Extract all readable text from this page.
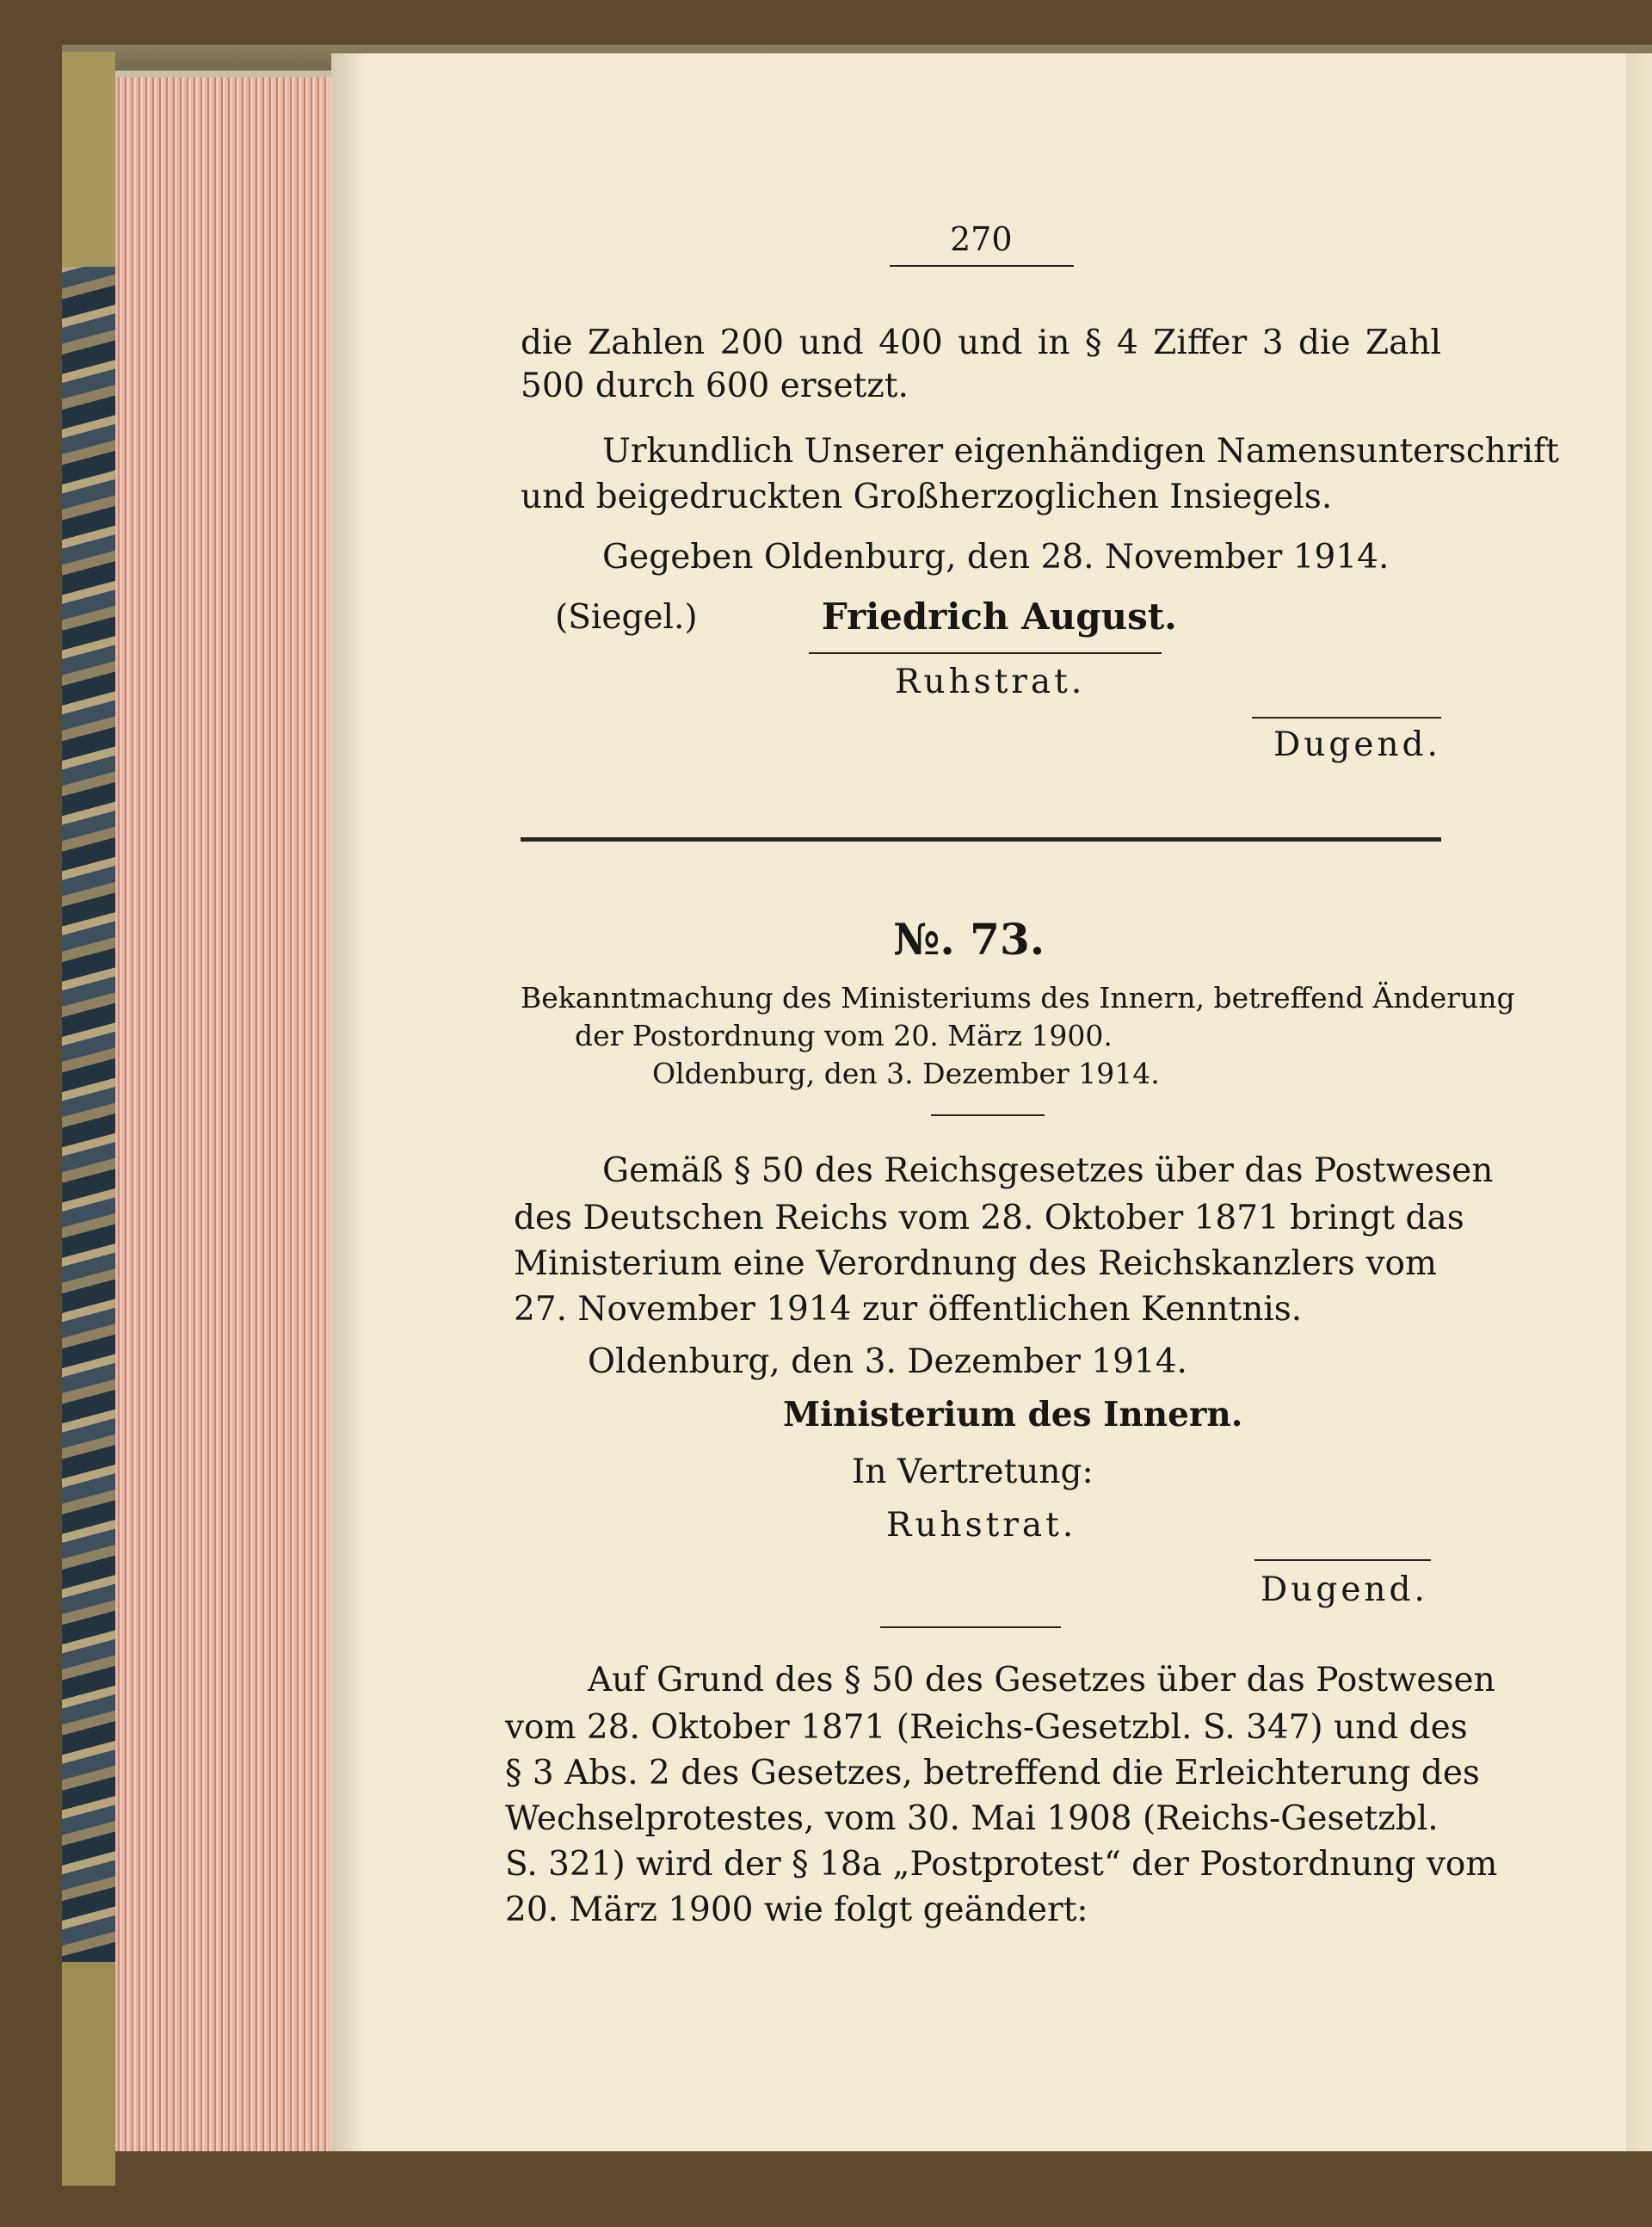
270
die Zahlen 200 und 400 und in § 4 Ziffer 3 die Zahl
500 durch 600 ersetzt.
Urkundlich Unserer eigenhändigen Namensunterschrift
und beigedruckten Großherzoglichen Insiegels.
Gegeben Oldenburg, den 28. November 1914.
(Siegel.)	Friedrich August.
Ruhstrat.
Dugend.
№. 73.
Bekanntmachung des Ministeriums des Innern, betreffend Änderung
der Postordnung vom 20. März 1900.
Oldenburg, den 3. Dezember 1914.
Gemäß § 50 des Reichsgesetzes über das Postwesen
des Deutschen Reichs vom 28. Oktober 1871 bringt das
Ministerium eine Verordnung des Reichskanzlers vom
27. November 1914 zur öffentlichen Kenntnis.
Oldenburg, den 3. Dezember 1914.
Ministerium des Innern.
In Vertretung:
Ruhstrat.
Dugend.
Auf Grund des § 50 des Gesetzes über das Postwesen
vom 28. Oktober 1871 (Reichs-Gesetzbl. S. 347) und des
§ 3 Abs. 2 des Gesetzes, betreffend die Erleichterung des
Wechselprotestes, vom 30. Mai 1908 (Reichs-Gesetzbl.
S. 321) wird der § 18a „Postprotest“ der Postordnung vom
20. März 1900 wie folgt geändert:
